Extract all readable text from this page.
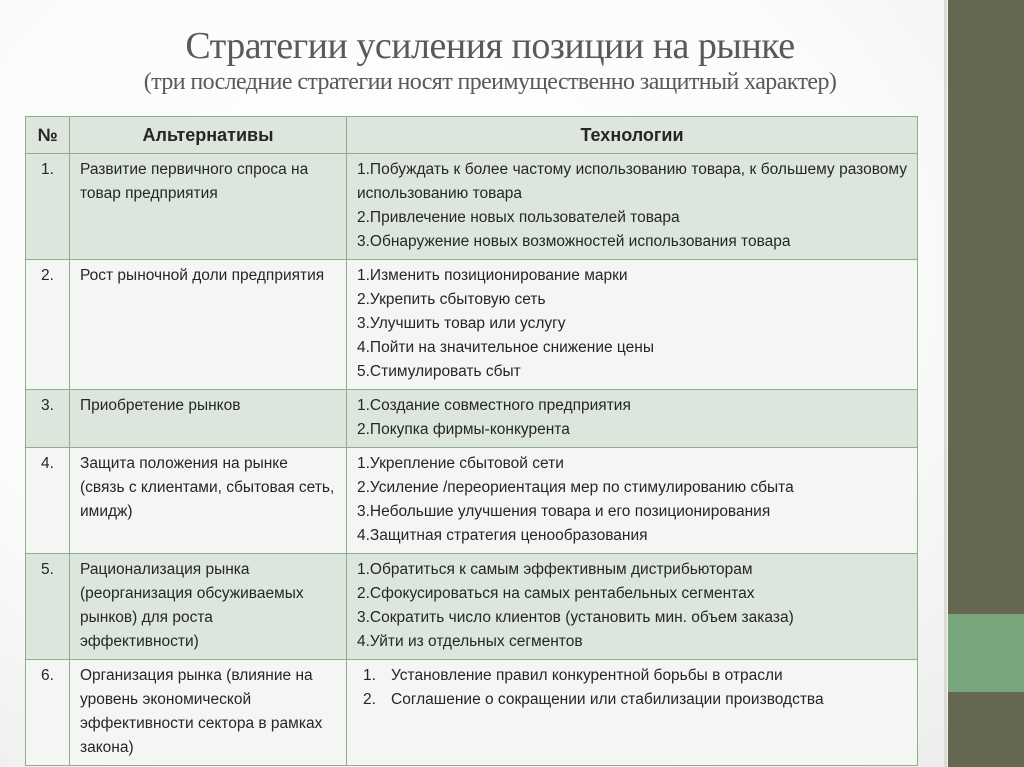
Стратегии усиления позиции на рынке
(три последние стратегии носят преимущественно защитный характер)
№	Альтернативы	Технологии
1.	Развитие первичного спроса на товар предприятия	1.Побуждать к более частому использованию товара, к большему разовому использованию товара
2.Привлечение новых пользователей товара
3.Обнаружение новых возможностей использования товара

2.	Рост рыночной доли предприятия	1.Изменить позиционирование марки
2.Укрепить сбытовую сеть
3.Улучшить товар или услугу
4.Пойти на значительное снижение цены
5.Стимулировать сбыт

3.	Приобретение рынков	1.Создание совместного предприятия
2.Покупка фирмы-конкурента

4.	Защита положения на рынке (связь с клиентами, сбытовая сеть, имидж)	1.Укрепление сбытовой сети
2.Усиление /переориентация мер по стимулированию сбыта
3.Небольшие улучшения товара и его позиционирования
4.Защитная стратегия ценообразования

5.	Рационализация рынка (реорганизация обсуживаемых рынков) для роста эффективности)	1.Обратиться к самым эффективным дистрибьюторам
2.Сфокусироваться на самых рентабельных сегментах
3.Сократить число клиентов (установить мин. объем заказа)
4.Уйти из отдельных сегментов

6.	Организация рынка (влияние на уровень экономической эффективности сектора в рамках закона)	1. Установление правил конкурентной борьбы в отрасли
2. Соглашение о сокращении или стабилизации производства
